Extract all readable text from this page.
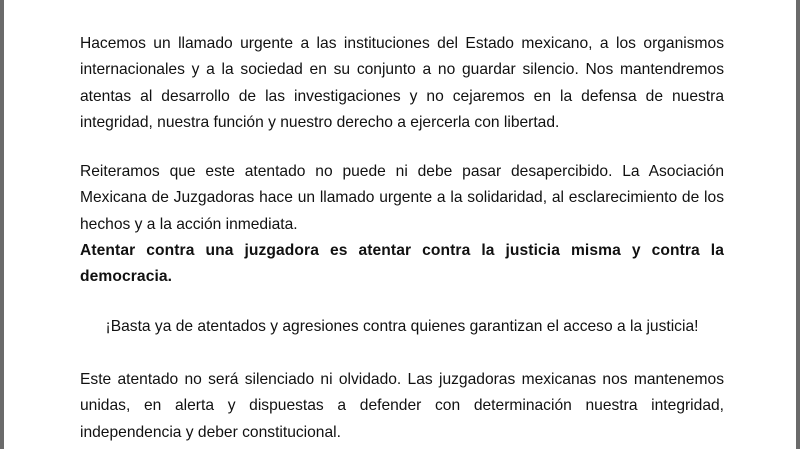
Hacemos un llamado urgente a las instituciones del Estado mexicano, a los organismos internacionales y a la sociedad en su conjunto a no guardar silencio. Nos mantendremos atentas al desarrollo de las investigaciones y no cejaremos en la defensa de nuestra integridad, nuestra función y nuestro derecho a ejercerla con libertad.

Reiteramos que este atentado no puede ni debe pasar desapercibido. La Asociación Mexicana de Juzgadoras hace un llamado urgente a la solidaridad, al esclarecimiento de los hechos y a la acción inmediata.

Atentar contra una juzgadora es atentar contra la justicia misma y contra la democracia.

¡Basta ya de atentados y agresiones contra quienes garantizan el acceso a la justicia!

Este atentado no será silenciado ni olvidado. Las juzgadoras mexicanas nos mantenemos unidas, en alerta y dispuestas a defender con determinación nuestra integridad, independencia y deber constitucional.
